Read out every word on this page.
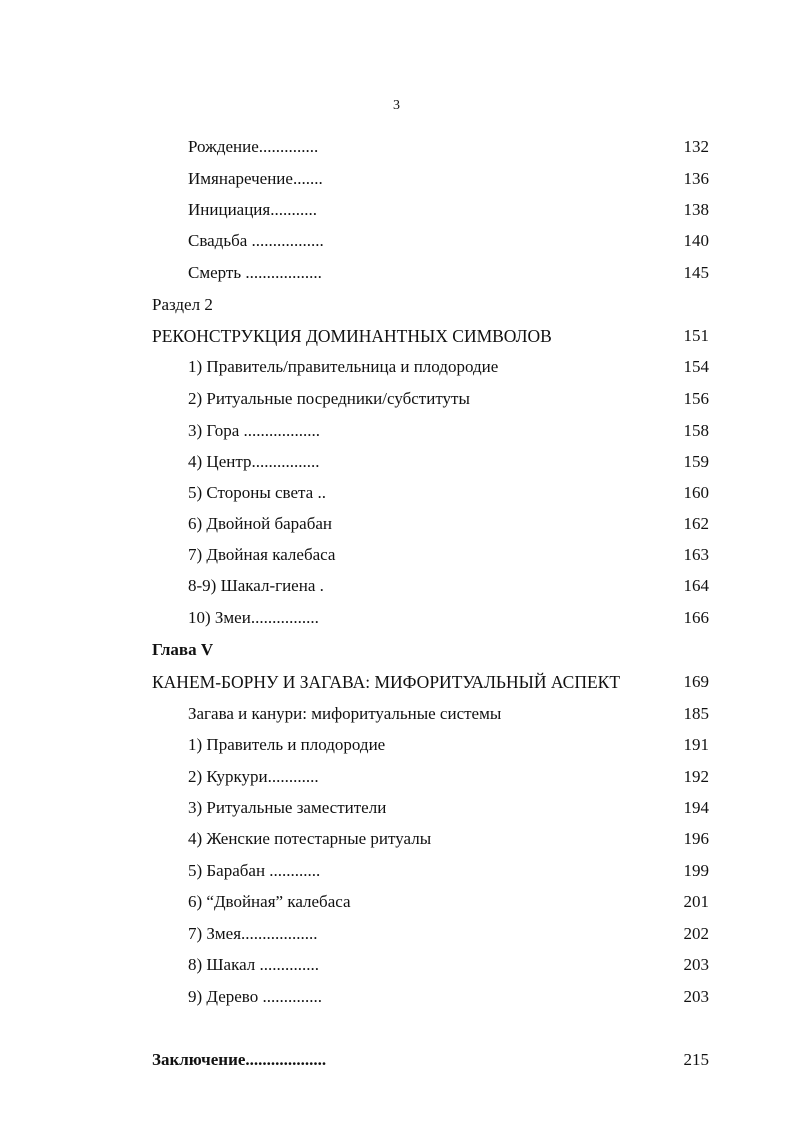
3
Рождение..............	132
Имянаречение.......	136
Инициация...........	138
Свадьба .................	140
Смерть ..................	145
Раздел 2
РЕКОНСТРУКЦИЯ ДОМИНАНТНЫХ СИМВОЛОВ	151
1) Правитель/правительница и плодородие	154
2) Ритуальные посредники/субституты	156
3) Гора ..................	158
4) Центр................	159
5) Стороны света ..	160
6) Двойной барабан	162
7) Двойная калебаса	163
8-9) Шакал-гиена .	164
10) Змеи................	166
Глава V
КАНЕМ-БОРНУ И ЗАГАВА: МИФОРИТУАЛЬНЫЙ АСПЕКТ	169
Загава и канури: мифоритуальные системы	185
1) Правитель и плодородие	191
2) Куркури............	192
3) Ритуальные заместители	194
4) Женские потестарные ритуалы	196
5) Барабан ............	199
6) “Двойная” калебаса	201
7) Змея..................	202
8) Шакал ..............	203
9) Дерево ..............	203
Заключение...................	215
